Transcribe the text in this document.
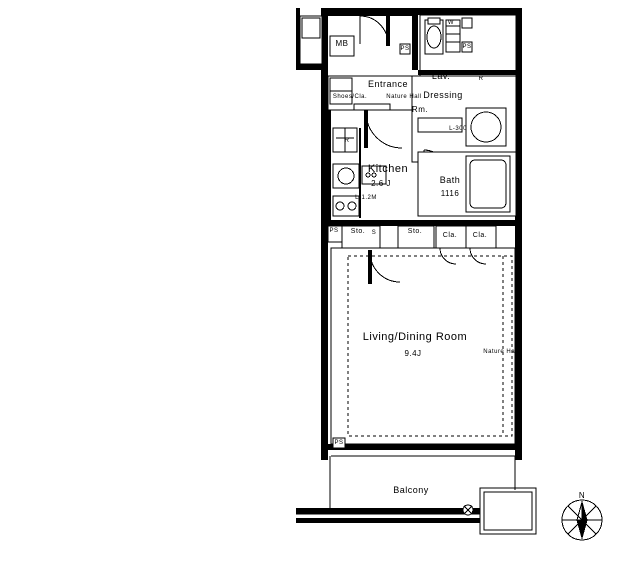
Entrance
Shoes/Cla.	Nature Hall
MB
Lav.
Dressing
Rm.
W
R
L-300
Kitchen
2.6 J
L-1.2M
Bath
1116
R
Sto. S	Sto.
Cla. Cla.
Living/Dining Room
9.4J	Nature Hall
Balcony
PS
PS	PS
PS
N
